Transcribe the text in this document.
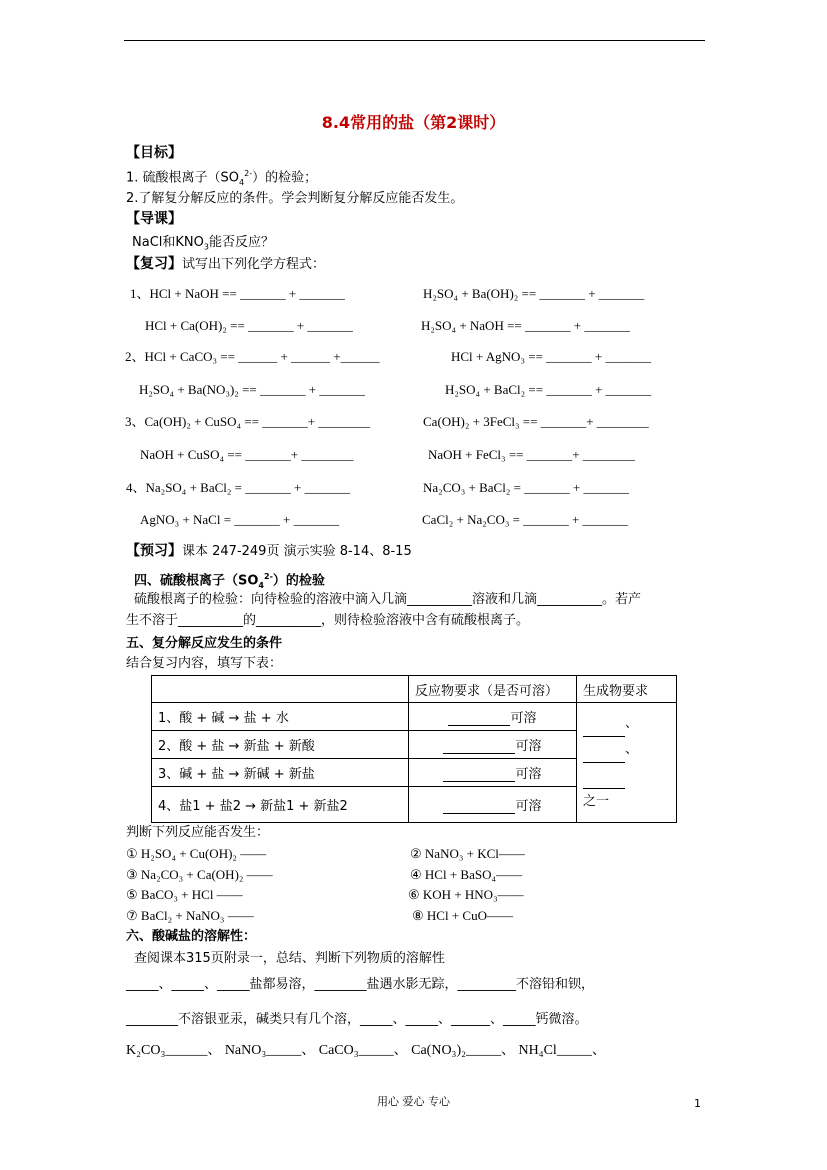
8.4常用的盐（第2课时）
【目标】
1. 硫酸根离子$(SO_4^{2-})$的检验；
2.了解复分解反应的条件。学会判断复分解反应能否发生。
【导课】
NaCl和$KNO_3$能否反应？
【复习】试写出下列化学方程式：
1、HCl + NaOH == _______ + _______	H₂SO₄ + Ba(OH)₂ == _______ + _______
HCl + Ca(OH)₂ == _______ + _______	H₂SO₄ + NaOH == _______ + _______
2、HCl + CaCO₃ == ______ + ______ +______	HCl + AgNO₃ == _______ + _______
H₂SO₄ + Ba(NO₃)₂ == _______ + _______	H₂SO₄ + BaCl₂ == _______ + _______
3、Ca(OH)₂ + CuSO₄ == _______+ ________	Ca(OH)₂ + 3FeCl₃ == _______+ ________
NaOH + CuSO₄ == _______+ ________	NaOH + FeCl₃ == _______+ ________
4、Na₂SO₄ + BaCl₂ = _______ + _______	Na₂CO₃ + BaCl₂ = _______ + _______
AgNO₃ + NaCl = _______ + _______	CaCl₂ + Na₂CO₃ = _______ + _______
【预习】课本 247-249页 演示实验 8-14、8-15
四、硫酸根离子$(SO_4^{2-})$的检验
硫酸根离子的检验：向待检验的溶液中滴入几滴__________溶液和几滴__________。若产
生不溶于__________的__________，则待检验溶液中含有硫酸根离子。
五、复分解反应发生的条件
结合复习内容，填写下表：
	反应物要求（是否可溶）	生成物要求
1、酸 + 碱 → 盐 + 水	可溶	、
、
之一

2、酸 + 盐 → 新盐 + 新酸	可溶	
3、碱 + 盐 → 新碱 + 新盐	可溶	
4、盐1 + 盐2 → 新盐1 + 新盐2	可溶	
判断下列反应能否发生：
① H₂SO₄ + Cu(OH)₂ ——	② NaNO₃ + KCl——
③ Na₂CO₃ + Ca(OH)₂ ——	④ HCl + BaSO₄——
⑤ BaCO₃ + HCl ——	⑥ KOH + HNO₃——
⑦ BaCl₂ + NaNO₃ ——	⑧ HCl + CuO——
六、酸碱盐的溶解性：
查阅课本315页附录一，总结、判断下列物质的溶解性
_____、_____、_____盐都易溶，________盐遇水影无踪，_________不溶铅和钡，
________不溶银亚汞，碱类只有几个溶，_____、_____、______、_____钙微溶。
K₂CO₃______、 NaNO₃_____、 CaCO₃_____、 Ca(NO₃)₂_____、 NH₄Cl_____、
用心 爱心 专心	1
